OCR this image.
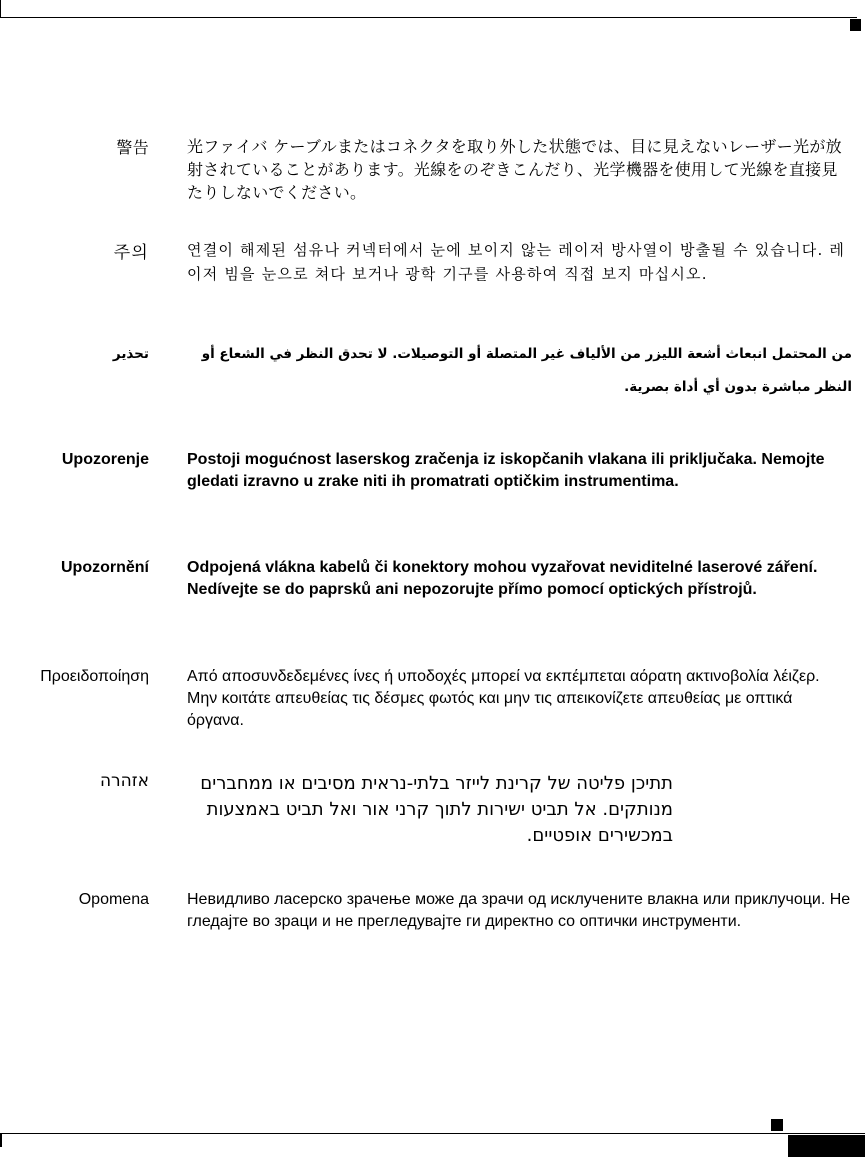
警告 光ファイバ ケーブルまたはコネクタを取り外した状態では、目に見えないレーザー光が放射されていることがあります。光線をのぞきこんだり、光学機器を使用して光線を直接見たりしないでください。
주의	연결이 해제된 섬유나 커넥터에서 눈에 보이지 않는 레이저 방사열이 방출될 수 있습니다. 레이저 빔을 눈으로 쳐다 보거나 광학 기구를 사용하여 직접 보지 마십시오.
تحذير	من المحتمل انبعاث أشعة الليزر من الألياف غير المتصلة أو التوصيلات. لا تحدق النظر في الشعاع أو النظر مباشرة بدون أي أداة بصرية.
Upozorenje Postoji mogućnost laserskog zračenja iz iskopčanih vlakana ili priključaka. Nemojte gledati izravno u zrake niti ih promatrati optičkim instrumentima.
Upozornění Odpojená vlákna kabelů či konektory mohou vyzařovat neviditelné laserové záření. Nedívejte se do paprsků ani nepozorujte přímo pomocí optických přístrojů.
Προειδοποίηση Από αποσυνδεδεμένες ίνες ή υποδοχές μπορεί να εκπέμπεται αόρατη ακτινοβολία λέιζερ. Μην κοιτάτε απευθείας τις δέσμες φωτός και μην τις απεικονίζετε απευθείας με οπτικά όργανα.
אזהרה	תתיכן פליטה של קרינת לייזר בלתי-נראית מסיבים או ממחברים מנותקים. אל תביט ישירות לתוך קרני אור ואל תביט באמצעות במכשירים אופטיים.
Opomena Невидливо ласерско зрачење може да зрачи од исклучените влакна или приклучоци. Не гледајте во зраци и не прегледувајте ги директно со оптички инструменти.
